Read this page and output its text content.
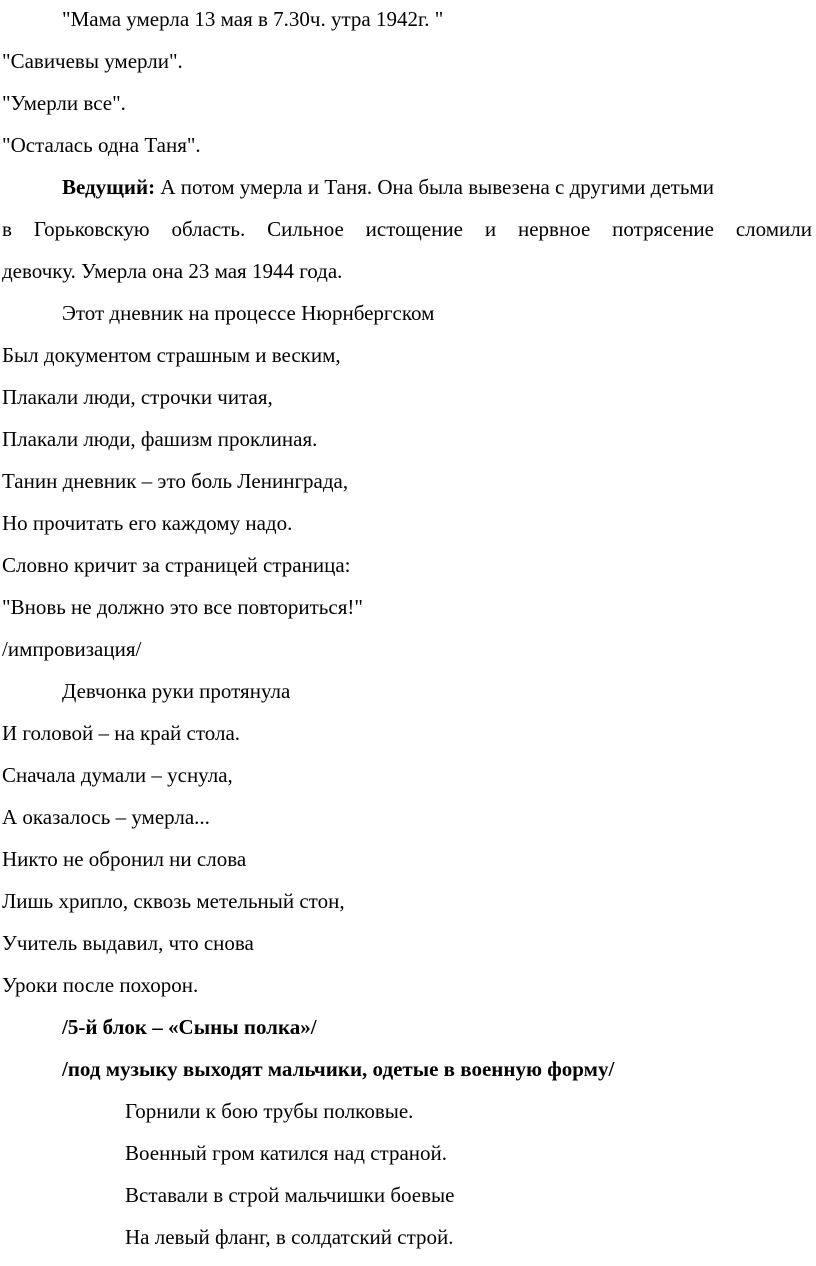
"Мама умерла 13 мая в 7.30ч. утра 1942г. "
"Савичевы умерли".
"Умерли все".
"Осталась одна Таня".
Ведущий: А потом умерла и Таня. Она была вывезена с другими детьми
в Горьковскую область. Сильное истощение и нервное потрясение сломили
девочку. Умерла она 23 мая 1944 года.
Этот дневник на процессе Нюрнбергском
Был документом страшным и веским,
Плакали люди, строчки читая,
Плакали люди, фашизм проклиная.
Танин дневник – это боль Ленинграда,
Но прочитать его каждому надо.
Словно кричит за страницей страница:
"Вновь не должно это все повториться!"
/импровизация/
Девчонка руки протянула
И головой – на край стола.
Сначала думали – уснула,
А оказалось – умерла...
Никто не обронил ни слова
Лишь хрипло, сквозь метельный стон,
Учитель выдавил, что снова
Уроки после похорон.
/5-й блок – «Сыны полка»/
/под музыку выходят мальчики, одетые в военную форму/
Горнили к бою трубы полковые.
Военный гром катился над страной.
Вставали в строй мальчишки боевые
На левый фланг, в солдатский строй.
